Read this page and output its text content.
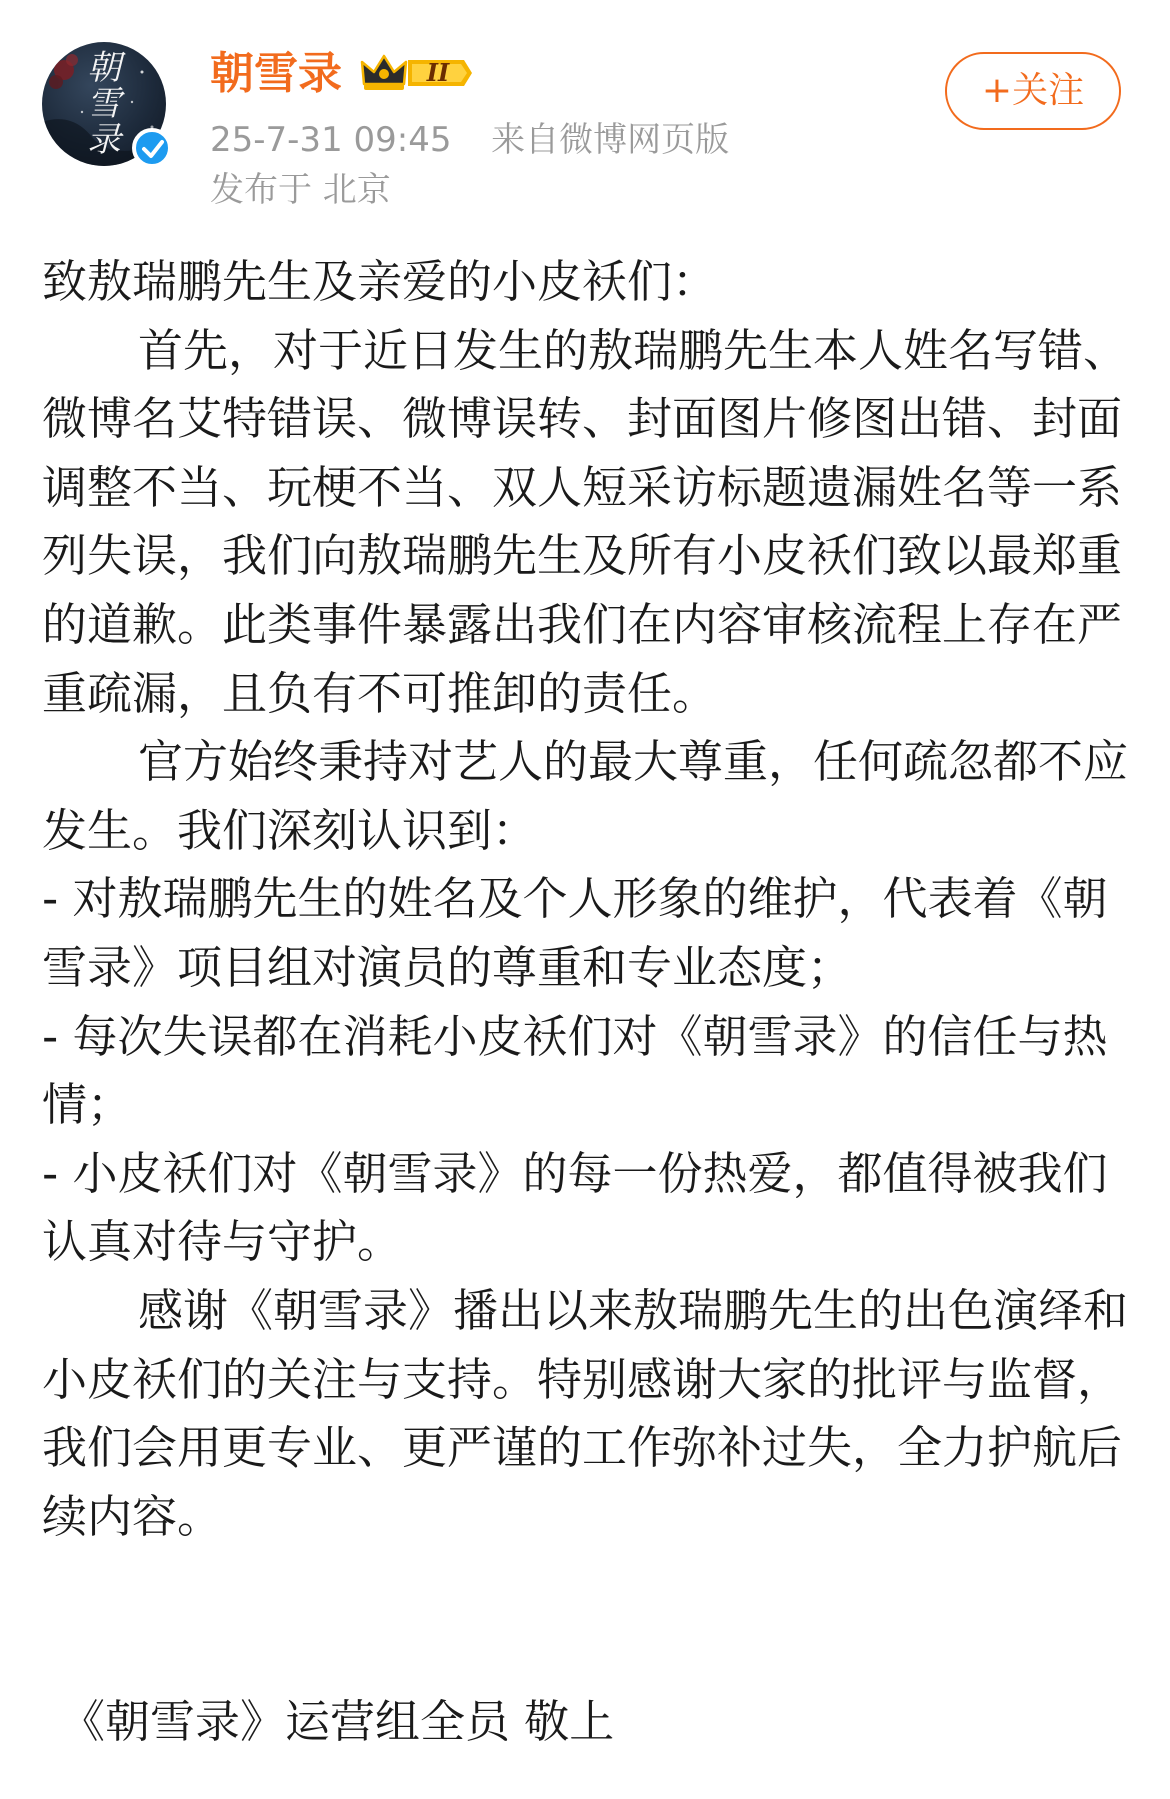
朝雪录
朝雪录	II
25-7-31 09:45 来自微博网页版
发布于 北京
+关注

致敖瑞鹏先生及亲爱的小皮袄们：

首先，对于近日发生的敖瑞鹏先生本人姓名写错、微博名艾特错误、微博误转、封面图片修图出错、封面调整不当、玩梗不当、双人短采访标题遗漏姓名等一系列失误，我们向敖瑞鹏先生及所有小皮袄们致以最郑重的道歉。此类事件暴露出我们在内容审核流程上存在严重疏漏，且负有不可推卸的责任。

官方始终秉持对艺人的最大尊重，任何疏忽都不应发生。我们深刻认识到：

- 对敖瑞鹏先生的姓名及个人形象的维护，代表着《朝雪录》项目组对演员的尊重和专业态度；

- 每次失误都在消耗小皮袄们对《朝雪录》的信任与热情；

- 小皮袄们对《朝雪录》的每一份热爱，都值得被我们认真对待与守护。

感谢《朝雪录》播出以来敖瑞鹏先生的出色演绎和小皮袄们的关注与支持。特别感谢大家的批评与监督，我们会用更专业、更严谨的工作弥补过失，全力护航后续内容。

《朝雪录》运营组全员 敬上
